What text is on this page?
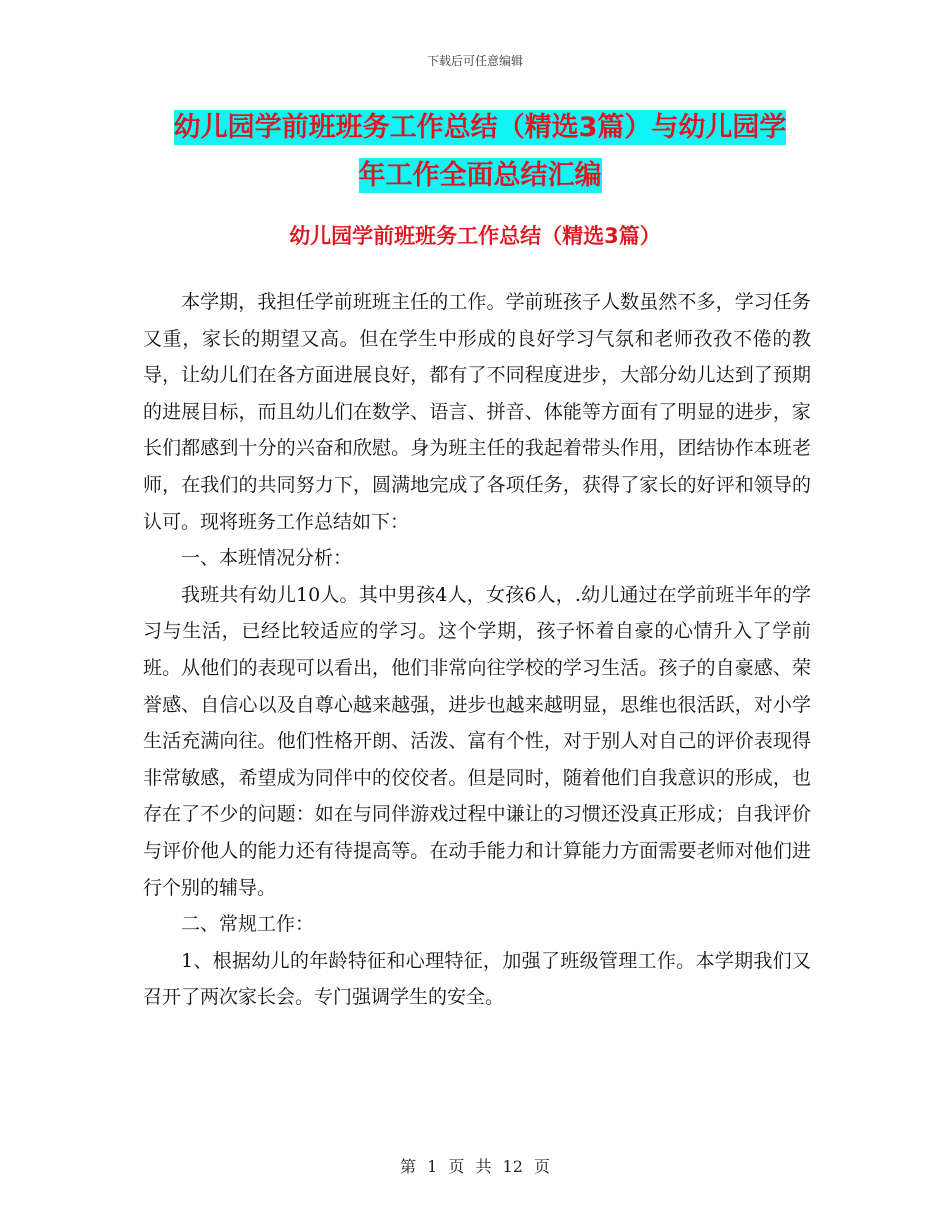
下载后可任意编辑
幼儿园学前班班务工作总结（精选3篇）与幼儿园学
年工作全面总结汇编
幼儿园学前班班务工作总结（精选3篇）

本学期，我担任学前班班主任的工作。学前班孩子人数虽然不多，学习任务又重，家长的期望又高。但在学生中形成的良好学习气氛和老师孜孜不倦的教导，让幼儿们在各方面进展良好，都有了不同程度进步，大部分幼儿达到了预期的进展目标，而且幼儿们在数学、语言、拼音、体能等方面有了明显的进步，家长们都感到十分的兴奋和欣慰。身为班主任的我起着带头作用，团结协作本班老师，在我们的共同努力下，圆满地完成了各项任务，获得了家长的好评和领导的认可。现将班务工作总结如下：

一、本班情况分析：

我班共有幼儿10人。其中男孩4人，女孩6人，.幼儿通过在学前班半年的学习与生活，已经比较适应的学习。这个学期，孩子怀着自豪的心情升入了学前班。从他们的表现可以看出，他们非常向往学校的学习生活。孩子的自豪感、荣誉感、自信心以及自尊心越来越强，进步也越来越明显，思维也很活跃，对小学生活充满向往。他们性格开朗、活泼、富有个性，对于别人对自己的评价表现得非常敏感，希望成为同伴中的佼佼者。但是同时，随着他们自我意识的形成，也存在了不少的问题：如在与同伴游戏过程中谦让的习惯还没真正形成；自我评价与评价他人的能力还有待提高等。在动手能力和计算能力方面需要老师对他们进行个别的辅导。

二、常规工作：

1、根据幼儿的年龄特征和心理特征，加强了班级管理工作。本学期我们又召开了两次家长会。专门强调学生的安全。

第 1 页 共 12 页
